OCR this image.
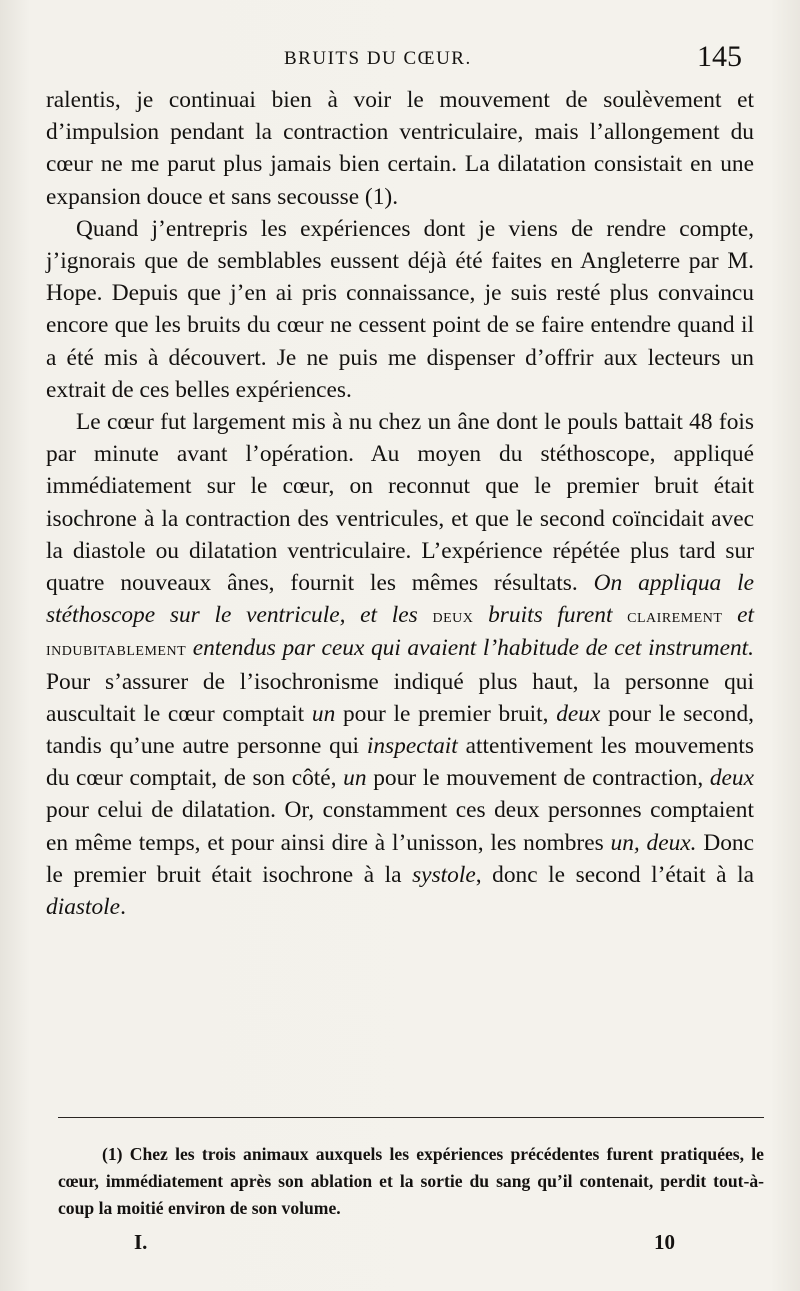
BRUITS DU CŒUR.	145

ralentis, je continuai bien à voir le mouvement de soulèvement et d’impulsion pendant la contraction ventriculaire, mais l’allongement du cœur ne me parut plus jamais bien certain. La dilatation consistait en une expansion douce et sans secousse (1).

Quand j’entrepris les expériences dont je viens de rendre compte, j’ignorais que de semblables eussent déjà été faites en Angleterre par M. Hope. Depuis que j’en ai pris connaissance, je suis resté plus convaincu encore que les bruits du cœur ne cessent point de se faire entendre quand il a été mis à découvert. Je ne puis me dispenser d’offrir aux lecteurs un extrait de ces belles expériences.

Le cœur fut largement mis à nu chez un âne dont le pouls battait 48 fois par minute avant l’opération. Au moyen du stéthoscope, appliqué immédiatement sur le cœur, on reconnut que le premier bruit était isochrone à la contraction des ventricules, et que le second coïncidait avec la diastole ou dilatation ventriculaire. L’expérience répétée plus tard sur quatre nouveaux ânes, fournit les mêmes résultats. On appliqua le stéthoscope sur le ventricule, et les deux bruits furent clairement et indubitablement entendus par ceux qui avaient l’habitude de cet instrument. Pour s’assurer de l’isochronisme indiqué plus haut, la personne qui auscultait le cœur comptait un pour le premier bruit, deux pour le second, tandis qu’une autre personne qui inspectait attentivement les mouvements du cœur comptait, de son côté, un pour le mouvement de contraction, deux pour celui de dilatation. Or, constamment ces deux personnes comptaient en même temps, et pour ainsi dire à l’unisson, les nombres un, deux. Donc le premier bruit était isochrone à la systole, donc le second l’était à la diastole.

(1) Chez les trois animaux auxquels les expériences précédentes furent pratiquées, le cœur, immédiatement après son ablation et la sortie du sang qu’il contenait, perdit tout-à-coup la moitié environ de son volume.

I.	10
